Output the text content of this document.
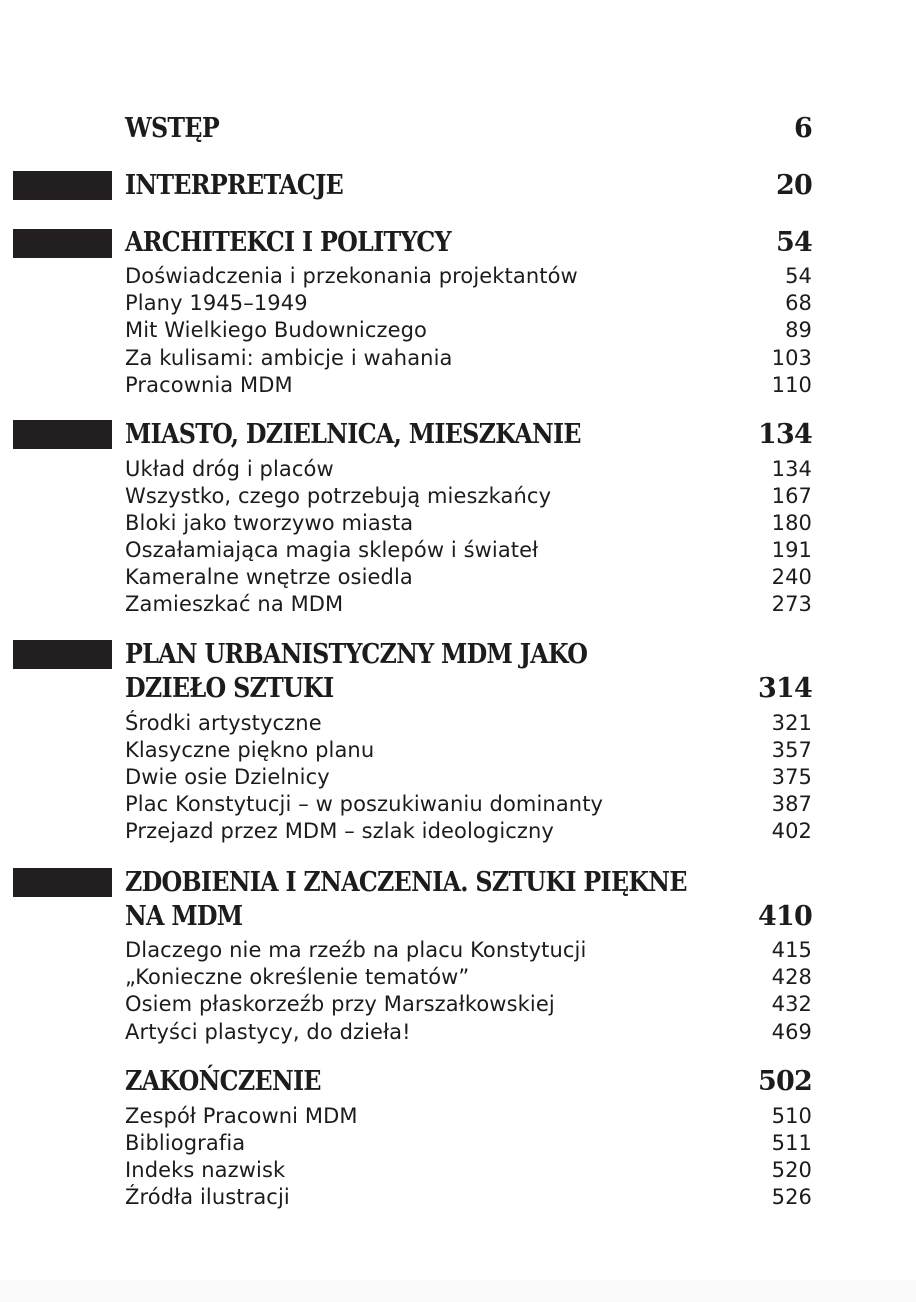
WSTĘP	6
INTERPRETACJE	20
ARCHITEKCI I POLITYCY	54
Doświadczenia i przekonania projektantów	54
Plany 1945–1949	68
Mit Wielkiego Budowniczego	89
Za kulisami: ambicje i wahania	103
Pracownia MDM	110
MIASTO, DZIELNICA, MIESZKANIE	134
Układ dróg i placów	134
Wszystko, czego potrzebują mieszkańcy	167
Bloki jako tworzywo miasta	180
Oszałamiająca magia sklepów i świateł	191
Kameralne wnętrze osiedla	240
Zamieszkać na MDM	273
PLAN URBANISTYCZNY MDM JAKO
DZIEŁO SZTUKI	314
Środki artystyczne	321
Klasyczne piękno planu	357
Dwie osie Dzielnicy	375
Plac Konstytucji – w poszukiwaniu dominanty	387
Przejazd przez MDM – szlak ideologiczny	402
ZDOBIENIA I ZNACZENIA. SZTUKI PIĘKNE
NA MDM	410
Dlaczego nie ma rzeźb na placu Konstytucji	415
„Konieczne określenie tematów”	428
Osiem płaskorzeźb przy Marszałkowskiej	432
Artyści plastycy, do dzieła!	469
ZAKOŃCZENIE	502
Zespół Pracowni MDM	510
Bibliografia	511
Indeks nazwisk	520
Źródła ilustracji	526
